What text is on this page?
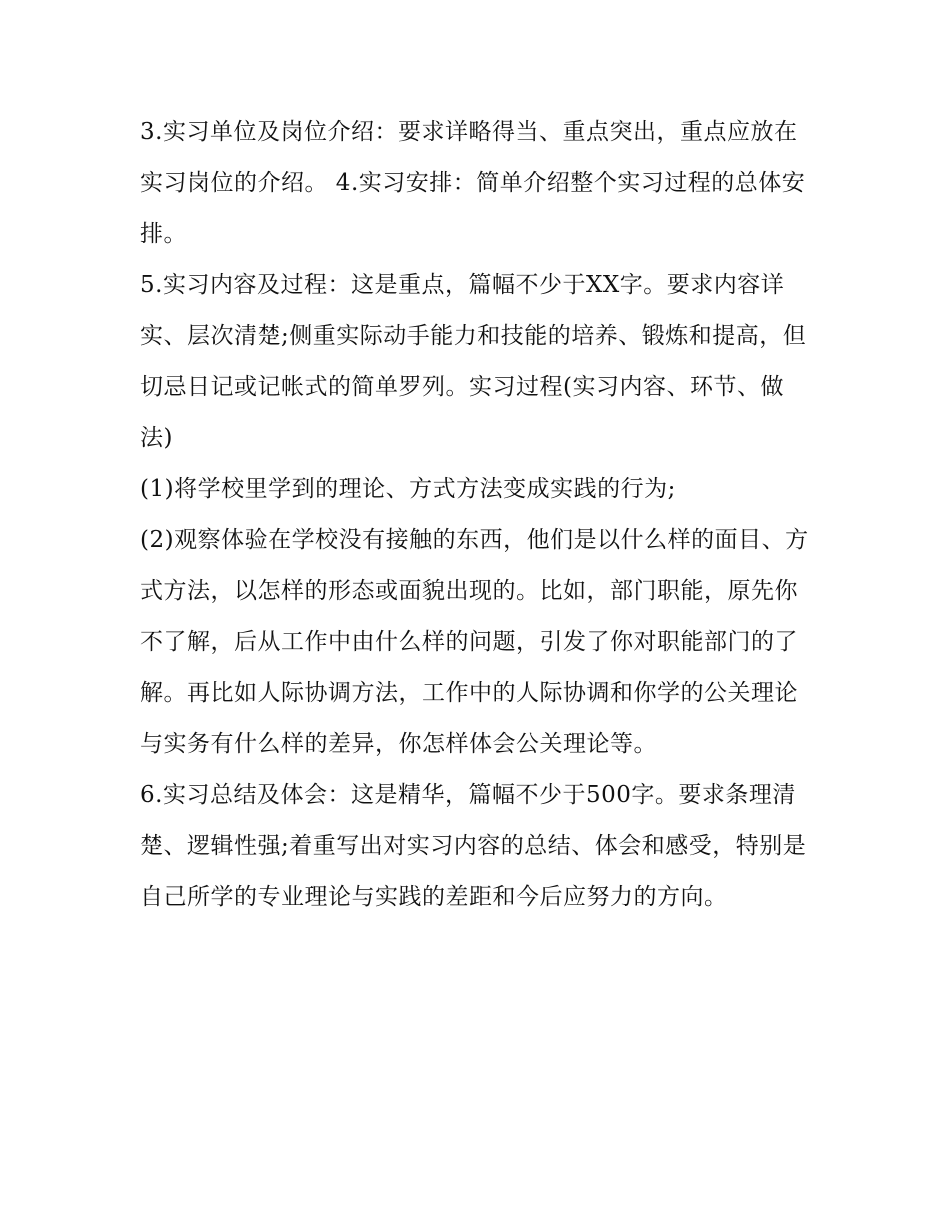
3.实习单位及岗位介绍：要求详略得当、重点突出，重点应放在实习岗位的介绍。 4.实习安排：简单介绍整个实习过程的总体安排。

5.实习内容及过程：这是重点，篇幅不少于XX字。要求内容详实、层次清楚;侧重实际动手能力和技能的培养、锻炼和提高，但切忌日记或记帐式的简单罗列。实习过程(实习内容、环节、做法)

(1)将学校里学到的理论、方式方法变成实践的行为;

(2)观察体验在学校没有接触的东西，他们是以什么样的面目、方式方法，以怎样的形态或面貌出现的。比如，部门职能，原先你不了解，后从工作中由什么样的问题，引发了你对职能部门的了解。再比如人际协调方法，工作中的人际协调和你学的公关理论与实务有什么样的差异，你怎样体会公关理论等。

6.实习总结及体会：这是精华，篇幅不少于500字。要求条理清楚、逻辑性强;着重写出对实习内容的总结、体会和感受，特别是自己所学的专业理论与实践的差距和今后应努力的方向。
